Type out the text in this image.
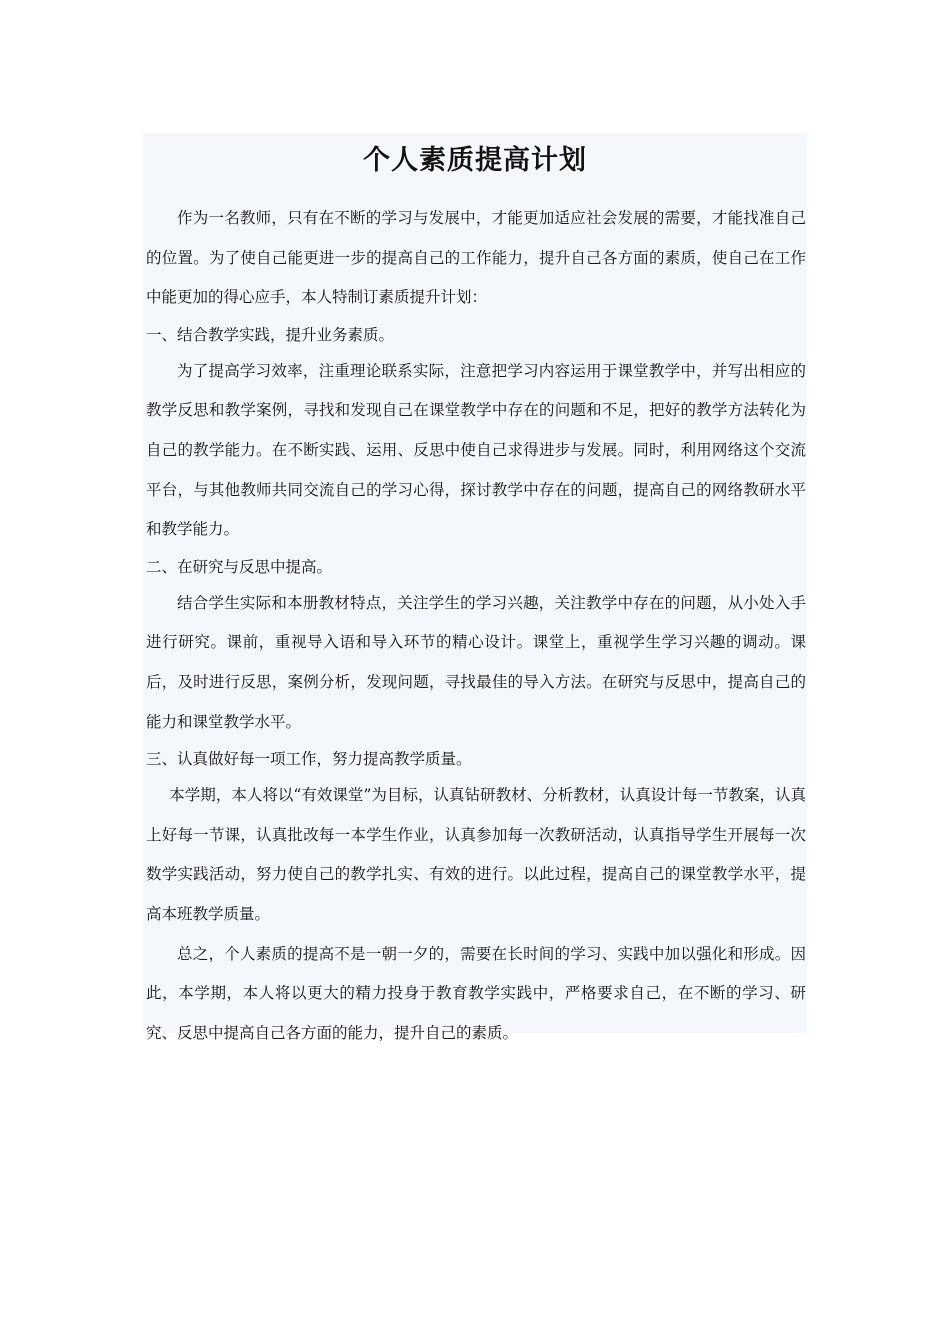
个人素质提高计划

作为一名教师，只有在不断的学习与发展中，才能更加适应社会发展的需要，才能找准自己的位置。为了使自己能更进一步的提高自己的工作能力，提升自己各方面的素质，使自己在工作中能更加的得心应手，本人特制订素质提升计划：

一、结合教学实践，提升业务素质。

为了提高学习效率，注重理论联系实际，注意把学习内容运用于课堂教学中，并写出相应的教学反思和教学案例，寻找和发现自己在课堂教学中存在的问题和不足，把好的教学方法转化为自己的教学能力。在不断实践、运用、反思中使自己求得进步与发展。同时，利用网络这个交流平台，与其他教师共同交流自己的学习心得，探讨教学中存在的问题，提高自己的网络教研水平和教学能力。

二、在研究与反思中提高。

结合学生实际和本册教材特点，关注学生的学习兴趣，关注教学中存在的问题，从小处入手进行研究。课前，重视导入语和导入环节的精心设计。课堂上，重视学生学习兴趣的调动。课后，及时进行反思，案例分析，发现问题，寻找最佳的导入方法。在研究与反思中，提高自己的能力和课堂教学水平。

三、认真做好每一项工作，努力提高教学质量。

本学期，本人将以“有效课堂”为目标，认真钻研教材、分析教材，认真设计每一节教案，认真上好每一节课，认真批改每一本学生作业，认真参加每一次教研活动，认真指导学生开展每一次数学实践活动，努力使自己的教学扎实、有效的进行。以此过程，提高自己的课堂教学水平，提高本班教学质量。

总之，个人素质的提高不是一朝一夕的，需要在长时间的学习、实践中加以强化和形成。因此，本学期，本人将以更大的精力投身于教育教学实践中，严格要求自己，在不断的学习、研究、反思中提高自己各方面的能力，提升自己的素质。
